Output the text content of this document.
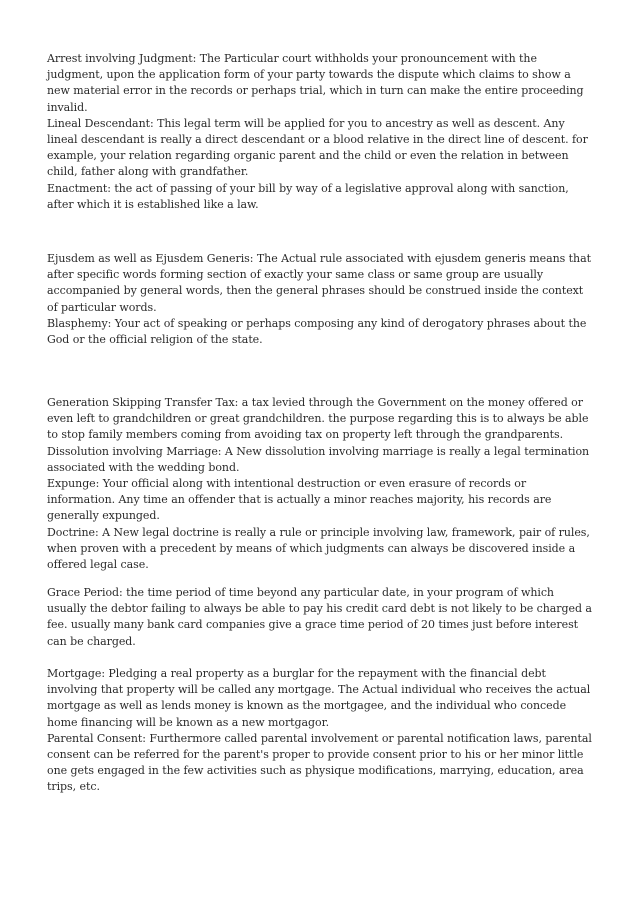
Arrest involving Judgment: The Particular court withholds your pronouncement with the judgment, upon the application form of your party towards the dispute which claims to show a new material error in the records or perhaps trial, which in turn can make the entire proceeding invalid.

Lineal Descendant: This legal term will be applied for you to ancestry as well as descent. Any lineal descendant is really a direct descendant or a blood relative in the direct line of descent. for example, your relation regarding organic parent and the child or even the relation in between child, father along with grandfather.

Enactment: the act of passing of your bill by way of a legislative approval along with sanction, after which it is established like a law.

Ejusdem as well as Ejusdem Generis: The Actual rule associated with ejusdem generis means that after specific words forming section of exactly your same class or same group are usually accompanied by general words, then the general phrases should be construed inside the context of particular words.

Blasphemy: Your act of speaking or perhaps composing any kind of derogatory phrases about the God or the official religion of the state.

Generation Skipping Transfer Tax: a tax levied through the Government on the money offered or even left to grandchildren or great grandchildren. the purpose regarding this is to always be able to stop family members coming from avoiding tax on property left through the grandparents.

Dissolution involving Marriage: A New dissolution involving marriage is really a legal termination associated with the wedding bond.

Expunge: Your official along with intentional destruction or even erasure of records or information. Any time an offender that is actually a minor reaches majority, his records are generally expunged.

Doctrine: A New legal doctrine is really a rule or principle involving law, framework, pair of rules, when proven with a precedent by means of which judgments can always be discovered inside a offered legal case.

Grace Period: the time period of time beyond any particular date, in your program of which usually the debtor failing to always be able to pay his credit card debt is not likely to be charged a fee. usually many bank card companies give a grace time period of 20 times just before interest can be charged.

Mortgage: Pledging a real property as a burglar for the repayment with the financial debt involving that property will be called any mortgage. The Actual individual who receives the actual mortgage as well as lends money is known as the mortgagee, and the individual who concede home financing will be known as a new mortgagor.

Parental Consent: Furthermore called parental involvement or parental notification laws, parental consent can be referred for the parent's proper to provide consent prior to his or her minor little one gets engaged in the few activities such as physique modifications, marrying, education, area trips, etc.
